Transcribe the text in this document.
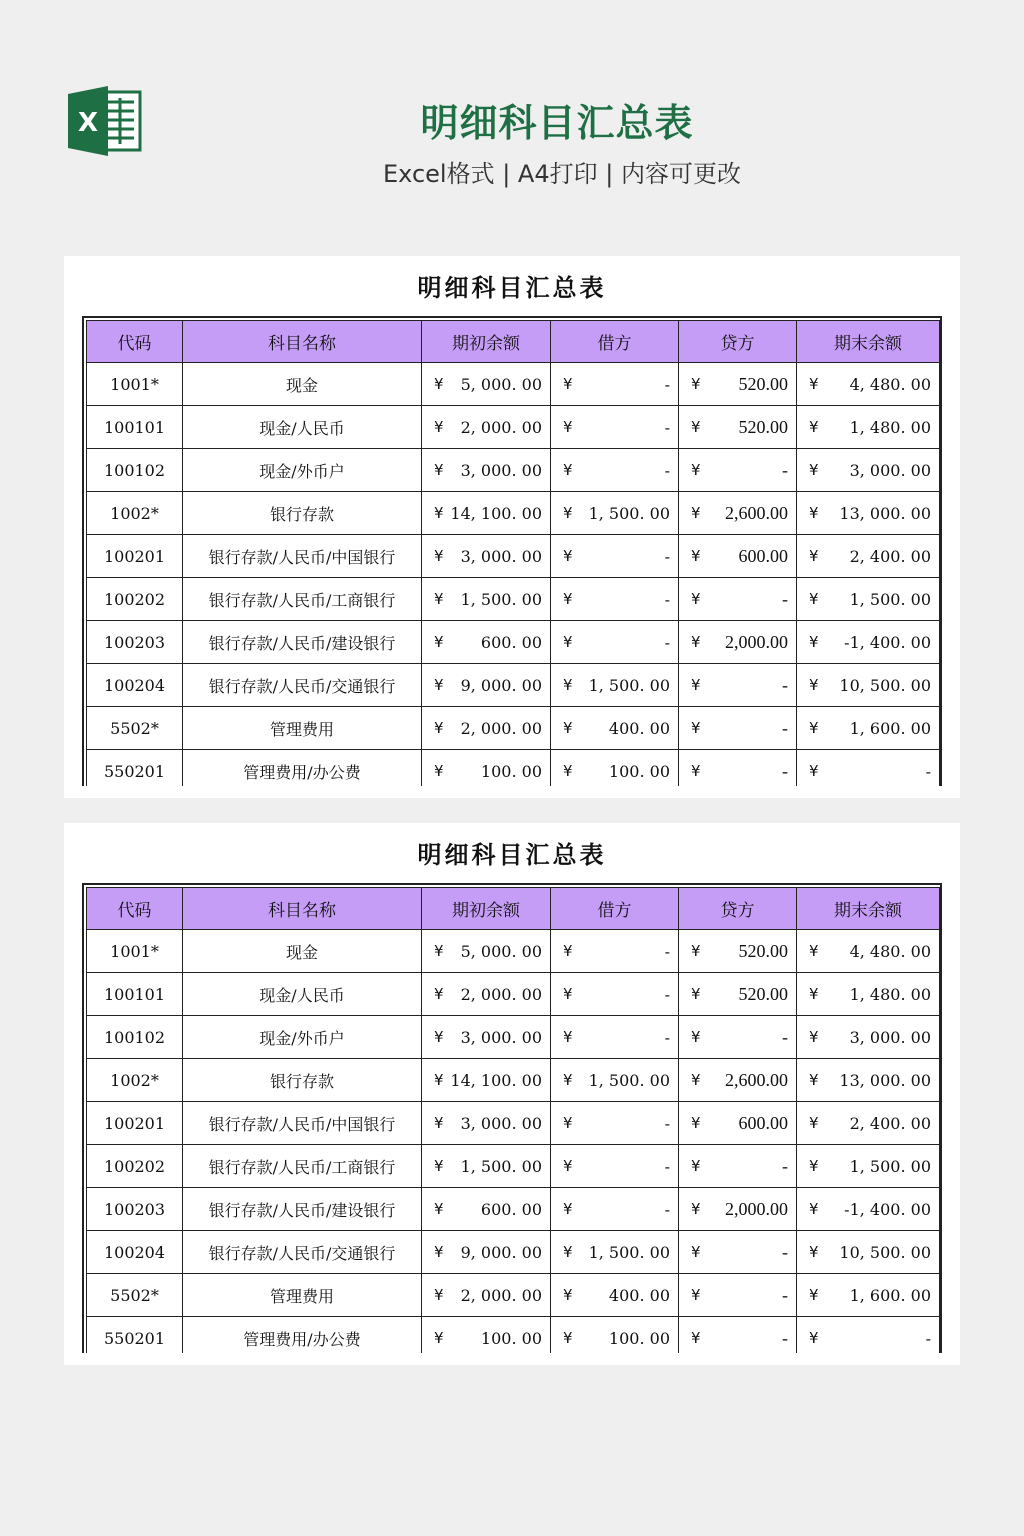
X	明细科目汇总表
Excel格式 | A4打印 | 内容可更改
明细科目汇总表
代码	科目名称	期初余额	借方	贷方	期末余额
1001*	现金	¥ 5, 000. 00	¥ -	¥ 520.00	¥ 4, 480. 00

100101	现金/人民币	¥ 2, 000. 00	¥ -	¥ 520.00	¥ 1, 480. 00

100102	现金/外币户	¥ 3, 000. 00	¥ -	¥ -	¥ 3, 000. 00

1002*	银行存款	¥ 14, 100. 00	¥ 1, 500. 00	¥ 2,600.00	¥ 13, 000. 00

100201	银行存款/人民币/中国银行	¥ 3, 000. 00	¥ -	¥ 600.00	¥ 2, 400. 00

100202	银行存款/人民币/工商银行	¥ 1, 500. 00	¥ -	¥ -	¥ 1, 500. 00

100203	银行存款/人民币/建设银行	¥ 600. 00	¥ -	¥ 2,000.00	¥ -1, 400. 00

100204	银行存款/人民币/交通银行	¥ 9, 000. 00	¥ 1, 500. 00	¥ -	¥ 10, 500. 00

5502*	管理费用	¥ 2, 000. 00	¥ 400. 00	¥ -	¥ 1, 600. 00

550201	管理费用/办公费	¥ 100. 00	¥ 100. 00	¥ -	¥ -
明细科目汇总表
代码	科目名称	期初余额	借方	贷方	期末余额
1001*	现金	¥ 5, 000. 00	¥ -	¥ 520.00	¥ 4, 480. 00

100101	现金/人民币	¥ 2, 000. 00	¥ -	¥ 520.00	¥ 1, 480. 00

100102	现金/外币户	¥ 3, 000. 00	¥ -	¥ -	¥ 3, 000. 00

1002*	银行存款	¥ 14, 100. 00	¥ 1, 500. 00	¥ 2,600.00	¥ 13, 000. 00

100201	银行存款/人民币/中国银行	¥ 3, 000. 00	¥ -	¥ 600.00	¥ 2, 400. 00

100202	银行存款/人民币/工商银行	¥ 1, 500. 00	¥ -	¥ -	¥ 1, 500. 00

100203	银行存款/人民币/建设银行	¥ 600. 00	¥ -	¥ 2,000.00	¥ -1, 400. 00

100204	银行存款/人民币/交通银行	¥ 9, 000. 00	¥ 1, 500. 00	¥ -	¥ 10, 500. 00

5502*	管理费用	¥ 2, 000. 00	¥ 400. 00	¥ -	¥ 1, 600. 00

550201	管理费用/办公费	¥ 100. 00	¥ 100. 00	¥ -	¥ -
